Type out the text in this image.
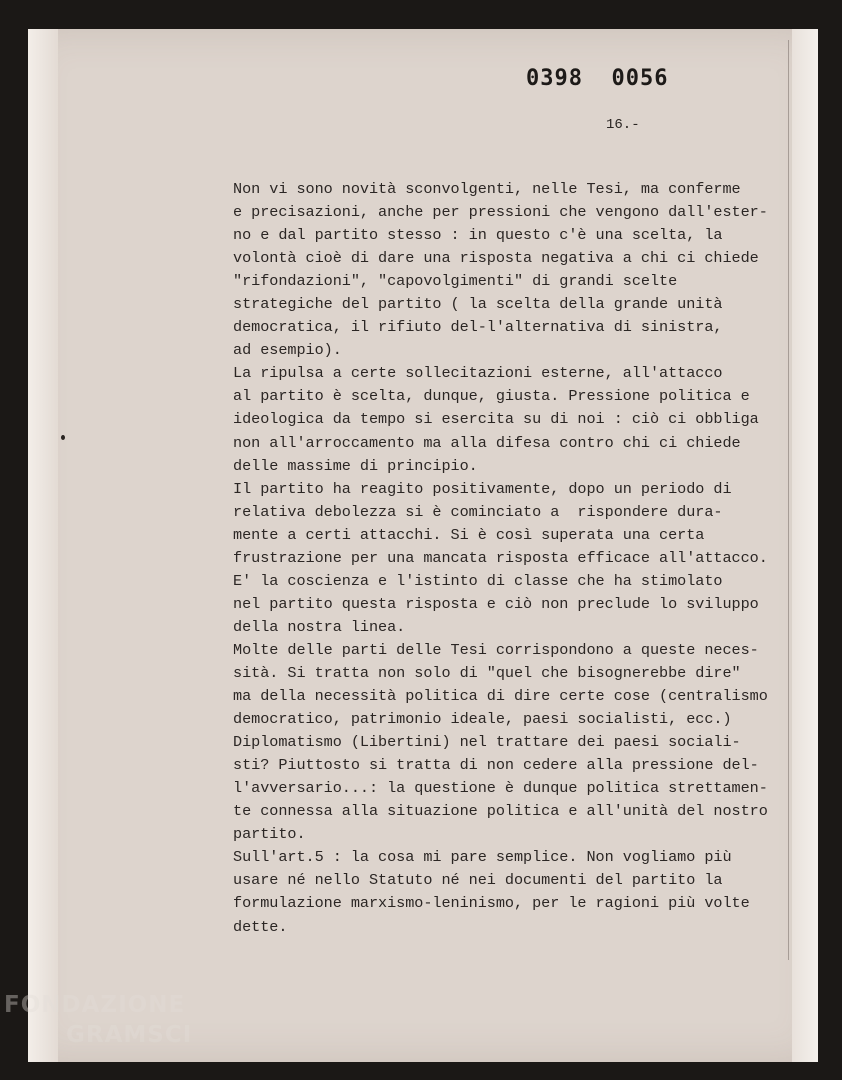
0398  0056
16.-
Non vi sono novità sconvolgenti, nelle Tesi, ma conferme
e precisazioni, anche per pressioni che vengono dall'ester-
no e dal partito stesso : in questo c'è una scelta, la
volontà cioè di dare una risposta negativa a chi ci chiede
"rifondazioni", "capovolgimenti" di grandi scelte
strategiche del partito ( la scelta della grande unità
democratica, il rifiuto del-l'alternativa di sinistra,
ad esempio).
La ripulsa a certe sollecitazioni esterne, all'attacco
al partito è scelta, dunque, giusta. Pressione politica e
ideologica da tempo si esercita su di noi : ciò ci obbliga
non all'arroccamento ma alla difesa contro chi ci chiede
delle massime di principio.
Il partito ha reagito positivamente, dopo un periodo di
relativa debolezza si è cominciato a  rispondere dura-
mente a certi attacchi. Si è così superata una certa
frustrazione per una mancata risposta efficace all'attacco.
E' la coscienza e l'istinto di classe che ha stimolato
nel partito questa risposta e ciò non preclude lo sviluppo
della nostra linea.
Molte delle parti delle Tesi corrispondono a queste neces-
sità. Si tratta non solo di "quel che bisognerebbe dire"
ma della necessità politica di dire certe cose (centralismo
democratico, patrimonio ideale, paesi socialisti, ecc.)
Diplomatismo (Libertini) nel trattare dei paesi sociali-
sti? Piuttosto si tratta di non cedere alla pressione del-
l'avversario...: la questione è dunque politica strettamen-
te connessa alla situazione politica e all'unità del nostro
partito.
Sull'art.5 : la cosa mi pare semplice. Non vogliamo più
usare né nello Statuto né nei documenti del partito la
formulazione marxismo-leninismo, per le ragioni più volte
dette.
FONDAZIONE
GRAMSCI
